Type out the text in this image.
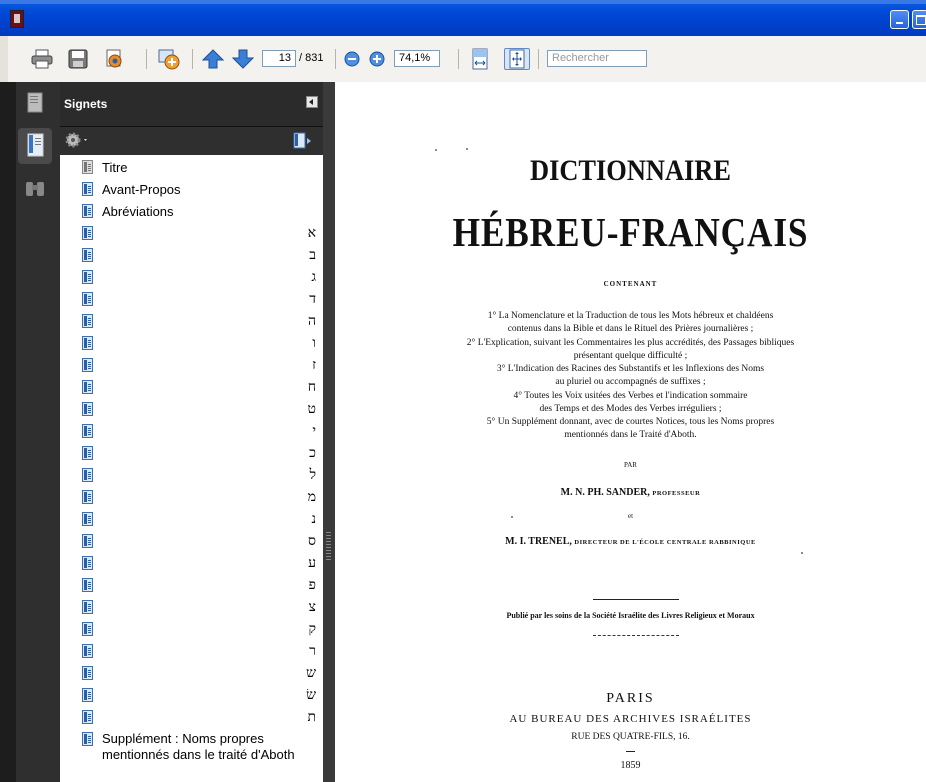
13 / 831	74,1%	Rechercher
Signets
Titre
Avant-Propos
Abréviations
א
ב
ג
ד
ה
ו
ז
ח
ט
י
כ
ל
מ
נ
ס
ע
פ
צ
ק
ר
ש
שׂ
ת
Supplément : Noms propres mentionnés dans le traité d'Aboth
DICTIONNAIRE
HÉBREU-FRANÇAIS
CONTENANT
1° La Nomenclature et la Traduction de tous les Mots hébreux et chaldéens
contenus dans la Bible et dans le Rituel des Prières journalières ;
2° L'Explication, suivant les Commentaires les plus accrédités, des Passages bibliques
présentant quelque difficulté ;
3° L'Indication des Racines des Substantifs et les Inflexions des Noms
au pluriel ou accompagnés de suffixes ;
4° Toutes les Voix usitées des Verbes et l'indication sommaire
des Temps et des Modes des Verbes irréguliers ;
5° Un Supplément donnant, avec de courtes Notices, tous les Noms propres
mentionnés dans le Traité d'Aboth.
PAR
M. N. PH. SANDER, PROFESSEUR
et
M. I. TRENEL, DIRECTEUR DE L'ÉCOLE CENTRALE RABBINIQUE
Publié par les soins de la Société Israélite des Livres Religieux et Moraux
PARIS
AU BUREAU DES ARCHIVES ISRAÉLITES
RUE DES QUATRE-FILS, 16.
1859
